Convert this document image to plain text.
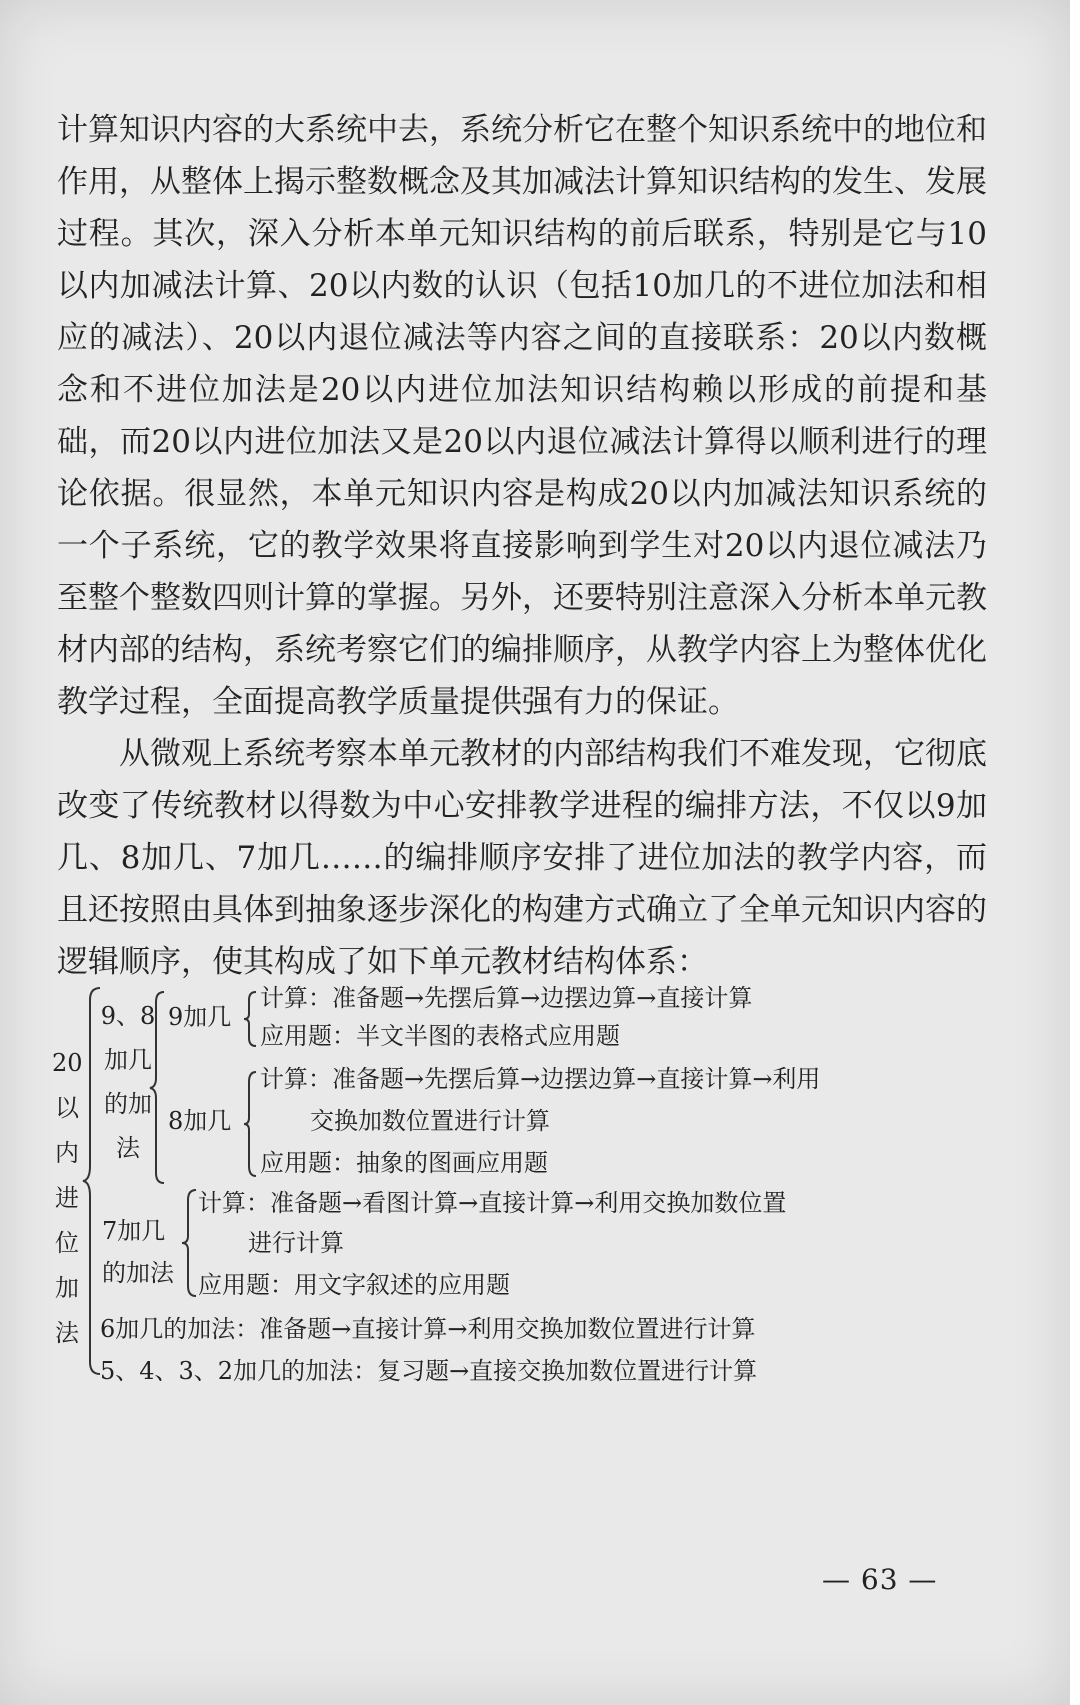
计算知识内容的大系统中去，系统分析它在整个知识系统中的地位和作用，从整体上揭示整数概念及其加减法计算知识结构的发生、发展过程。其次，深入分析本单元知识结构的前后联系，特别是它与10以内加减法计算、20以内数的认识（包括10加几的不进位加法和相应的减法）、20以内退位减法等内容之间的直接联系：20以内数概念和不进位加法是20以内进位加法知识结构赖以形成的前提和基础，而20以内进位加法又是20以内退位减法计算得以顺利进行的理论依据。很显然，本单元知识内容是构成20以内加减法知识系统的一个子系统，它的教学效果将直接影响到学生对20以内退位减法乃至整个整数四则计算的掌握。另外，还要特别注意深入分析本单元教材内部的结构，系统考察它们的编排顺序，从教学内容上为整体优化教学过程，全面提高教学质量提供强有力的保证。

从微观上系统考察本单元教材的内部结构我们不难发现，它彻底改变了传统教材以得数为中心安排教学进程的编排方法，不仅以9加几、8加几、7加几……的编排顺序安排了进位加法的教学内容，而且还按照由具体到抽象逐步深化的构建方式确立了全单元知识内容的逻辑顺序，使其构成了如下单元教材结构体系：

20以内进位加法
9、8加几的加法
9加几
计算：准备题→先摆后算→边摆边算→直接计算
应用题：半文半图的表格式应用题
8加几
计算：准备题→先摆后算→边摆边算→直接计算→利用
交换加数位置进行计算
应用题：抽象的图画应用题
7加几的加法
计算：准备题→看图计算→直接计算→利用交换加数位置
进行计算
应用题：用文字叙述的应用题
6加几的加法：准备题→直接计算→利用交换加数位置进行计算
5、4、3、2加几的加法：复习题→直接交换加数位置进行计算
— 63 —
